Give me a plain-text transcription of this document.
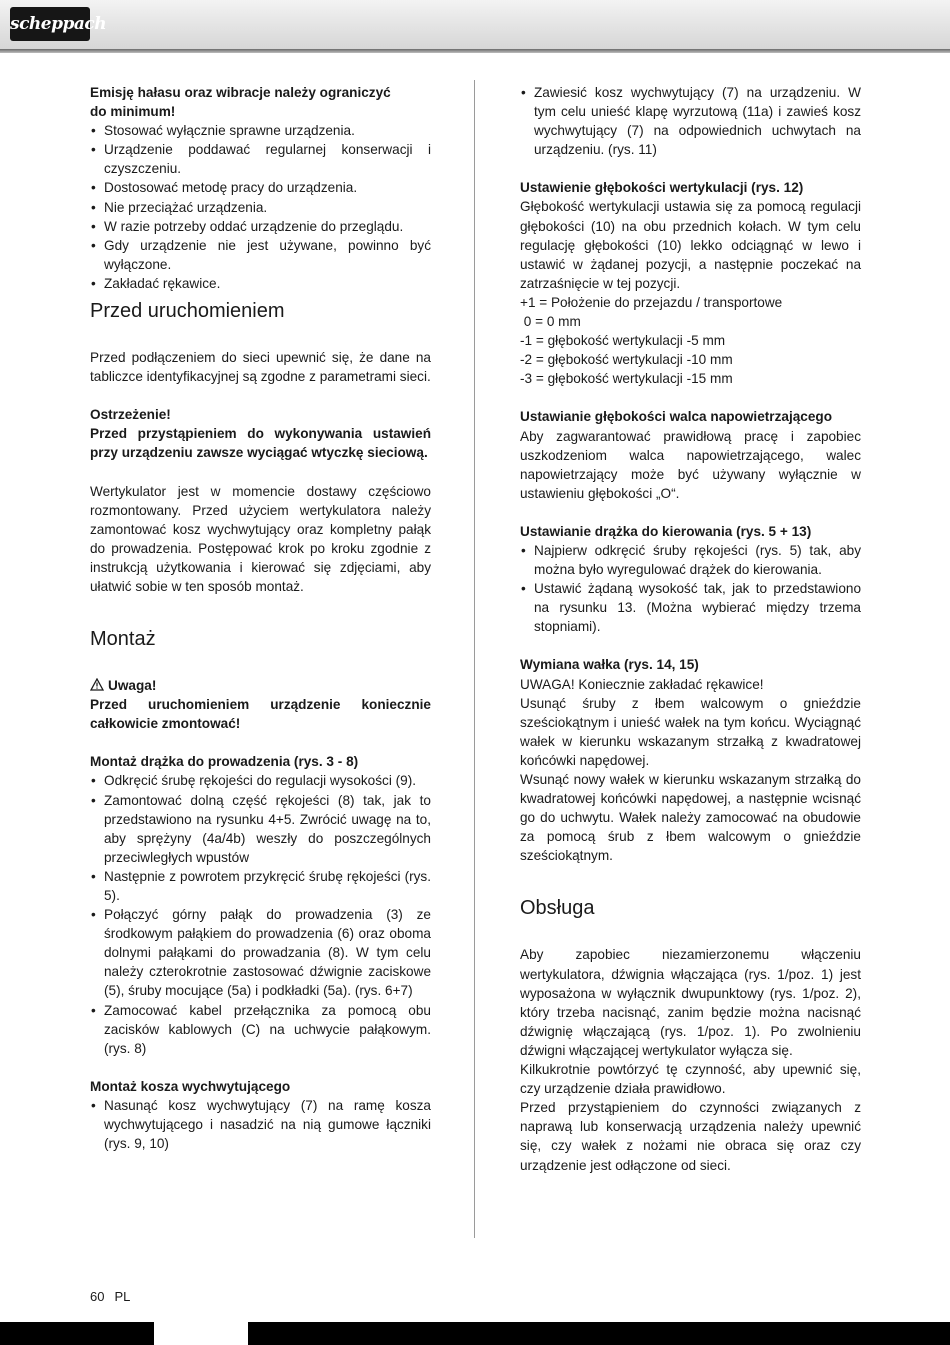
scheppach

Emisję hałasu oraz wibracje należy ograniczyć

do minimum!

• Stosować wyłącznie sprawne urządzenia.
• Urządzenie poddawać regularnej konserwacji i czyszczeniu.
• Dostosować metodę pracy do urządzenia.
• Nie przeciążać urządzenia.
• W razie potrzeby oddać urządzenie do przeglądu.
• Gdy urządzenie nie jest używane, powinno być wyłączone.
• Zakładać rękawice.
Przed uruchomieniem

Przed podłączeniem do sieci upewnić się, że dane na tabliczce identyfikacyjnej są zgodne z parametrami sieci.

Ostrzeżenie!

Przed przystąpieniem do wykonywania ustawień przy urządzeniu zawsze wyciągać wtyczkę sieciową.

Wertykulator jest w momencie dostawy częściowo rozmontowany. Przed użyciem wertykulatora należy zamontować kosz wychwytujący oraz kompletny pałąk do prowadzenia. Postępować krok po kroku zgodnie z instrukcją użytkowania i kierować się zdjęciami, aby ułatwić sobie w ten sposób montaż.

Montaż

Uwaga!

Przed uruchomieniem urządzenie koniecznie całkowicie zmontować!

Montaż drążka do prowadzenia (rys. 3 - 8)

• Odkręcić śrubę rękojeści do regulacji wysokości (9).
• Zamontować dolną część rękojeści (8) tak, jak to przedstawiono na rysunku 4+5. Zwrócić uwagę na to, aby sprężyny (4a/4b) weszły do poszczególnych przeciwległych wpustów
• Następnie z powrotem przykręcić śrubę rękojeści (rys. 5).
• Połączyć górny pałąk do prowadzenia (3) ze środkowym pałąkiem do prowadzenia (6) oraz oboma dolnymi pałąkami do prowadzania (8). W tym celu należy czterokrotnie zastosować dźwignie zaciskowe (5), śruby mocujące (5a) i podkładki (5a). (rys. 6+7)
• Zamocować kabel przełącznika za pomocą obu zacisków kablowych (C) na uchwycie pałąkowym. (rys. 8)

Montaż kosza wychwytującego

• Nasunąć kosz wychwytujący (7) na ramę kosza wychwytującego i nasadzić na nią gumowe łączniki (rys. 9, 10)
• Zawiesić kosz wychwytujący (7) na urządzeniu. W tym celu unieść klapę wyrzutową (11a) i zawieś kosz wychwytujący (7) na odpowiednich uchwytach na urządzeniu. (rys. 11)

Ustawienie głębokości wertykulacji (rys. 12)

Głębokość wertykulacji ustawia się za pomocą regulacji głębokości (10) na obu przednich kołach. W tym celu regulację głębokości (10) lekko odciągnąć w lewo i ustawić w żądanej pozycji, a następnie poczekać na zatrzaśnięcie w tej pozycji.

+1 = Położenie do przejazdu / transportowe

0 = 0 mm

-1 = głębokość wertykulacji -5 mm

-2 = głębokość wertykulacji -10 mm

-3 = głębokość wertykulacji -15 mm

Ustawianie głębokości walca napowietrzającego

Aby zagwarantować prawidłową pracę i zapobiec uszkodzeniom walca napowietrzającego, walec napowietrzający może być używany wyłącznie w ustawieniu głębokości „O“.

Ustawianie drążka do kierowania (rys. 5 + 13)

• Najpierw odkręcić śruby rękojeści (rys. 5) tak, aby można było wyregulować drążek do kierowania.
• Ustawić żądaną wysokość tak, jak to przedstawiono na rysunku 13. (Można wybierać między trzema stopniami).

Wymiana wałka (rys. 14, 15)

UWAGA! Koniecznie zakładać rękawice!

Usunąć śruby z łbem walcowym o gnieździe sześciokątnym i unieść wałek na tym końcu. Wyciągnąć wałek w kierunku wskazanym strzałką z kwadratowej końcówki napędowej.

Wsunąć nowy wałek w kierunku wskazanym strzałką do kwadratowej końcówki napędowej, a następnie wcisnąć go do uchwytu. Wałek należy zamocować na obudowie za pomocą śrub z łbem walcowym o gnieździe sześciokątnym.

Obsługa

Aby zapobiec niezamierzonemu włączeniu wertykulatora, dźwignia włączająca (rys. 1/poz. 1) jest wyposażona w wyłącznik dwupunktowy (rys. 1/poz. 2), który trzeba nacisnąć, zanim będzie można nacisnąć dźwignię włączającą (rys. 1/poz. 1). Po zwolnieniu dźwigni włączającej wertykulator wyłącza się.

Kilkukrotnie powtórzyć tę czynność, aby upewnić się, czy urządzenie działa prawidłowo.

Przed przystąpieniem do czynności związanych z naprawą lub konserwacją urządzenia należy upewnić się, czy wałek z nożami nie obraca się oraz czy urządzenie jest odłączone od sieci.

60 PL
